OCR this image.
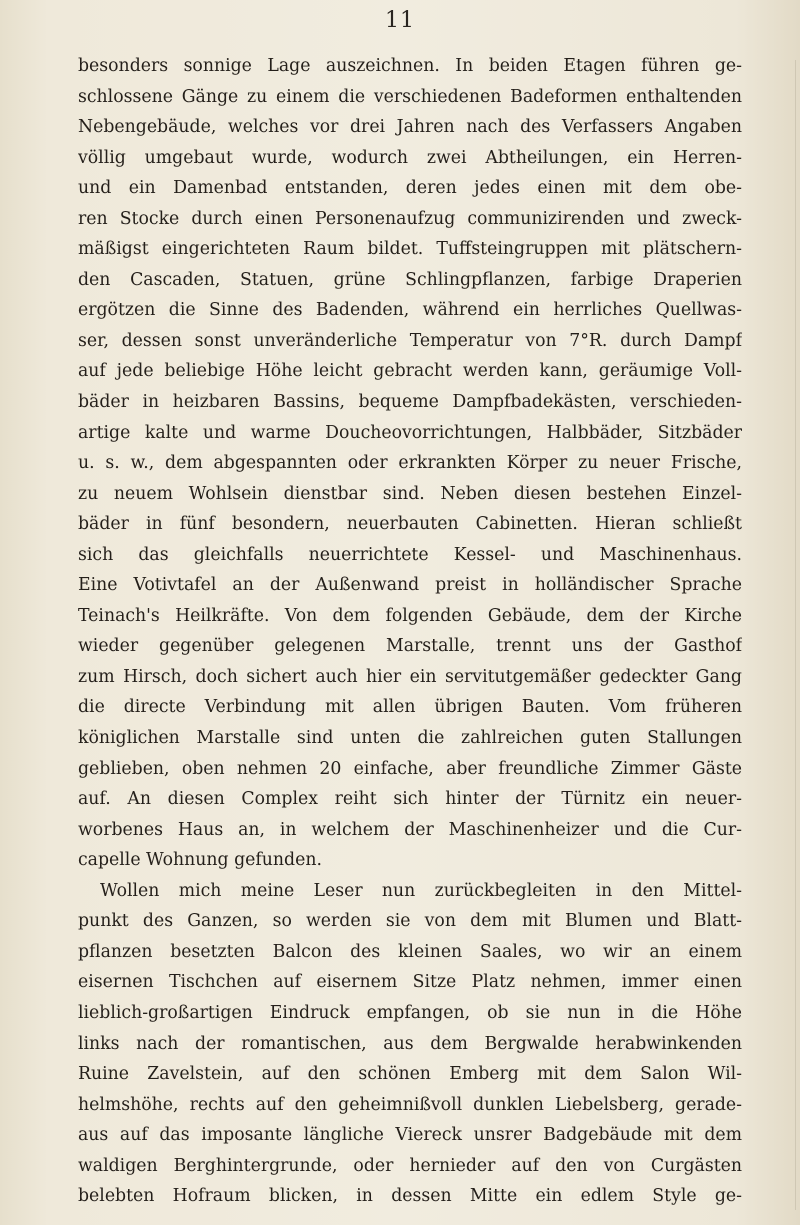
11
besonders sonnige Lage auszeichnen. In beiden Etagen führen ge-
schlossene Gänge zu einem die verschiedenen Badeformen enthaltenden
Nebengebäude, welches vor drei Jahren nach des Verfassers Angaben
völlig umgebaut wurde, wodurch zwei Abtheilungen, ein Herren-
und ein Damenbad entstanden, deren jedes einen mit dem obe-
ren Stocke durch einen Personenaufzug communizirenden und zweck-
mäßigst eingerichteten Raum bildet. Tuffsteingruppen mit plätschern-
den Cascaden, Statuen, grüne Schlingpflanzen, farbige Draperien
ergötzen die Sinne des Badenden, während ein herrliches Quellwas-
ser, dessen sonst unveränderliche Temperatur von 7°R. durch Dampf
auf jede beliebige Höhe leicht gebracht werden kann, geräumige Voll-
bäder in heizbaren Bassins, bequeme Dampfbadekästen, verschieden-
artige kalte und warme Doucheovorrichtungen, Halbbäder, Sitzbäder
u. s. w., dem abgespannten oder erkrankten Körper zu neuer Frische,
zu neuem Wohlsein dienstbar sind. Neben diesen bestehen Einzel-
bäder in fünf besondern, neuerbauten Cabinetten. Hieran schließt
sich das gleichfalls neuerrichtete Kessel- und Maschinenhaus.
Eine Votivtafel an der Außenwand preist in holländischer Sprache
Teinach's Heilkräfte. Von dem folgenden Gebäude, dem der Kirche
wieder gegenüber gelegenen Marstalle, trennt uns der Gasthof
zum Hirsch, doch sichert auch hier ein servitutgemäßer gedeckter Gang
die directe Verbindung mit allen übrigen Bauten. Vom früheren
königlichen Marstalle sind unten die zahlreichen guten Stallungen
geblieben, oben nehmen 20 einfache, aber freundliche Zimmer Gäste
auf. An diesen Complex reiht sich hinter der Türnitz ein neuer-
worbenes Haus an, in welchem der Maschinenheizer und die Cur-
capelle Wohnung gefunden.
Wollen mich meine Leser nun zurückbegleiten in den Mittel-
punkt des Ganzen, so werden sie von dem mit Blumen und Blatt-
pflanzen besetzten Balcon des kleinen Saales, wo wir an einem
eisernen Tischchen auf eisernem Sitze Platz nehmen, immer einen
lieblich-großartigen Eindruck empfangen, ob sie nun in die Höhe
links nach der romantischen, aus dem Bergwalde herabwinkenden
Ruine Zavelstein, auf den schönen Emberg mit dem Salon Wil-
helmshöhe, rechts auf den geheimnißvoll dunklen Liebelsberg, gerade-
aus auf das imposante längliche Viereck unsrer Badgebäude mit dem
waldigen Berghintergrunde, oder hernieder auf den von Curgästen
belebten Hofraum blicken, in dessen Mitte ein edlem Style ge-
